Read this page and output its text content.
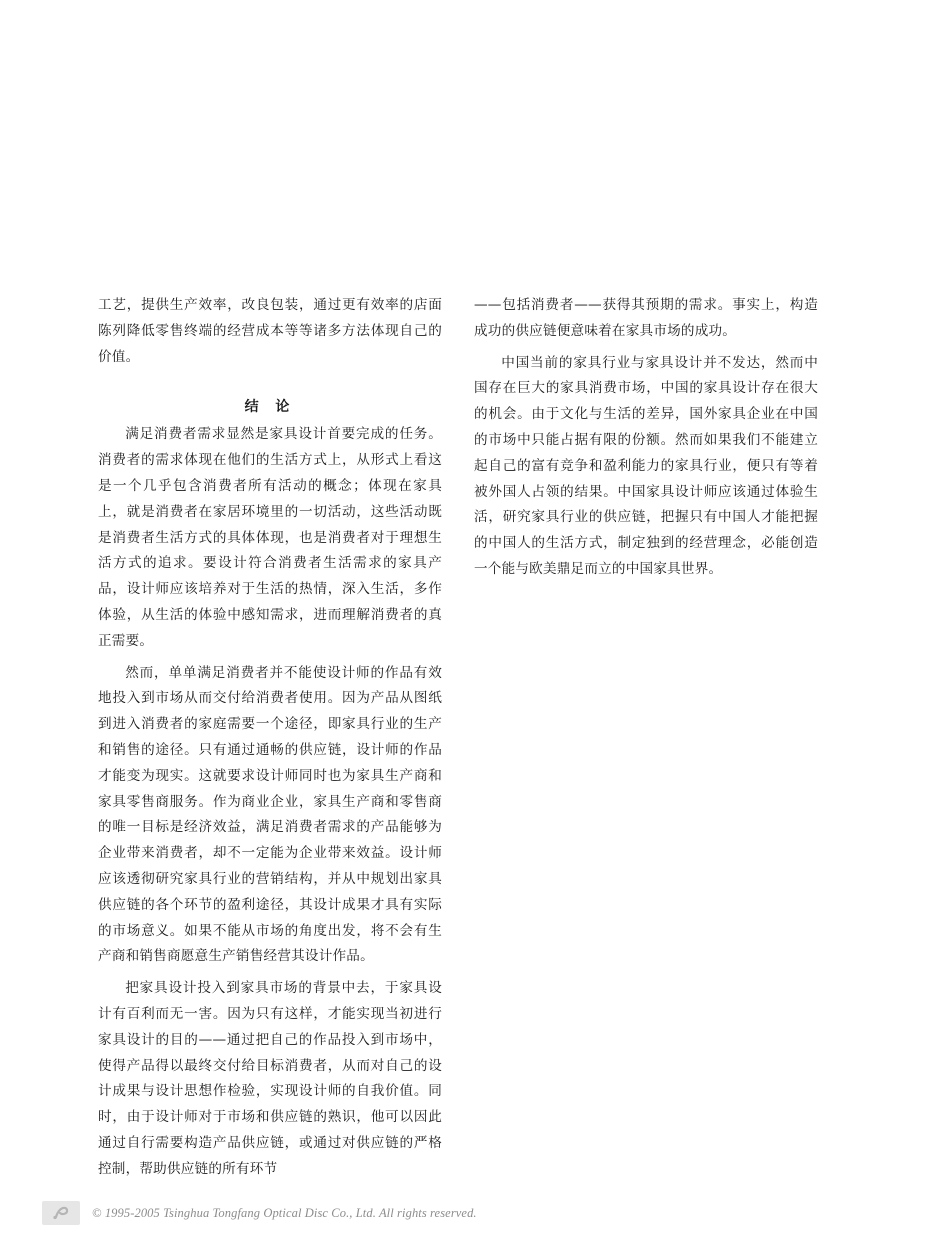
工艺，提供生产效率，改良包装，通过更有效率的店面陈列降低零售终端的经营成本等等诸多方法体现自己的价值。

结 论

满足消费者需求显然是家具设计首要完成的任务。消费者的需求体现在他们的生活方式上，从形式上看这是一个几乎包含消费者所有活动的概念；体现在家具上，就是消费者在家居环境里的一切活动，这些活动既是消费者生活方式的具体体现，也是消费者对于理想生活方式的追求。要设计符合消费者生活需求的家具产品，设计师应该培养对于生活的热情，深入生活，多作体验，从生活的体验中感知需求，进而理解消费者的真正需要。

然而，单单满足消费者并不能使设计师的作品有效地投入到市场从而交付给消费者使用。因为产品从图纸到进入消费者的家庭需要一个途径，即家具行业的生产和销售的途径。只有通过通畅的供应链，设计师的作品才能变为现实。这就要求设计师同时也为家具生产商和家具零售商服务。作为商业企业，家具生产商和零售商的唯一目标是经济效益，满足消费者需求的产品能够为企业带来消费者，却不一定能为企业带来效益。设计师应该透彻研究家具行业的营销结构，并从中规划出家具供应链的各个环节的盈利途径，其设计成果才具有实际的市场意义。如果不能从市场的角度出发，将不会有生产商和销售商愿意生产销售经营其设计作品。

把家具设计投入到家具市场的背景中去，于家具设计有百利而无一害。因为只有这样，才能实现当初进行家具设计的目的——通过把自己的作品投入到市场中，使得产品得以最终交付给目标消费者，从而对自己的设计成果与设计思想作检验，实现设计师的自我价值。同时，由于设计师对于市场和供应链的熟识，他可以因此通过自行需要构造产品供应链，或通过对供应链的严格控制，帮助供应链的所有环节

——包括消费者——获得其预期的需求。事实上，构造成功的供应链便意味着在家具市场的成功。

中国当前的家具行业与家具设计并不发达，然而中国存在巨大的家具消费市场，中国的家具设计存在很大的机会。由于文化与生活的差异，国外家具企业在中国的市场中只能占据有限的份额。然而如果我们不能建立起自己的富有竞争和盈利能力的家具行业，便只有等着被外国人占领的结果。中国家具设计师应该通过体验生活，研究家具行业的供应链，把握只有中国人才能把握的中国人的生活方式，制定独到的经营理念，必能创造一个能与欧美鼎足而立的中国家具世界。

© 1995-2005 Tsinghua Tongfang Optical Disc Co., Ltd. All rights reserved.
